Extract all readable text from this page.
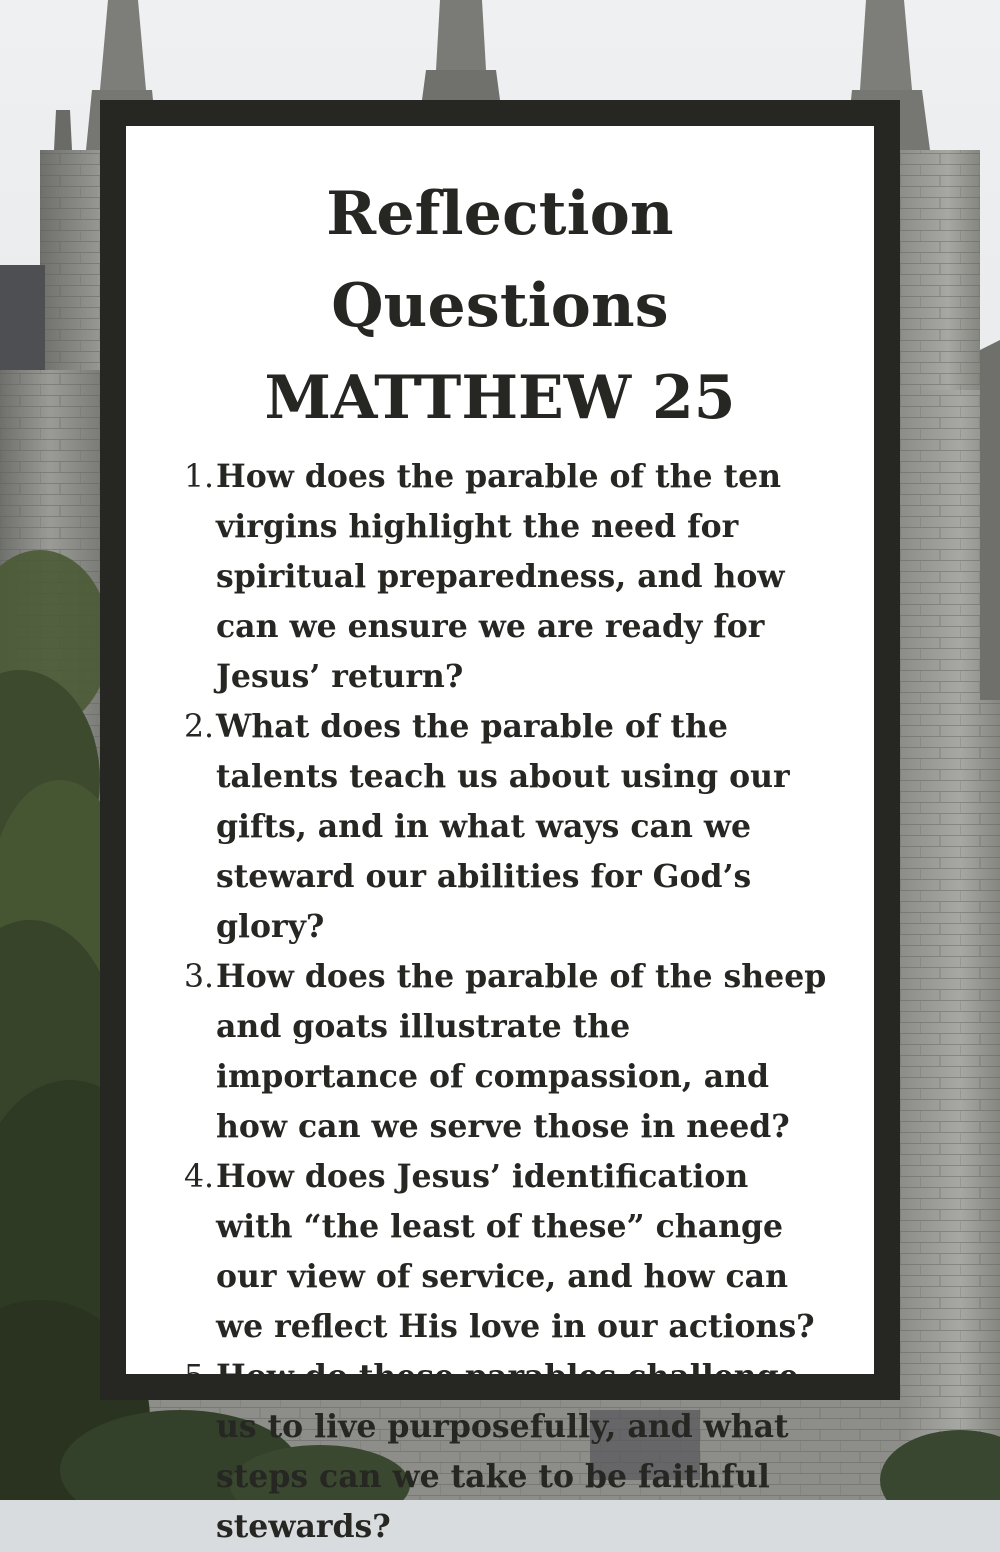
Reflection Questions
MATTHEW 25
1. How does the parable of the ten virgins highlight the need for spiritual preparedness, and how can we ensure we are ready for Jesus’ return?
2. What does the parable of the talents teach us about using our gifts, and in what ways can we steward our abilities for God’s glory?
3. How does the parable of the sheep and goats illustrate the importance of compassion, and how can we serve those in need?
4. How does Jesus’ identification with “the least of these” change our view of service, and how can we reflect His love in our actions?
5. How do these parables challenge us to live purposefully, and what steps can we take to be faithful stewards?
